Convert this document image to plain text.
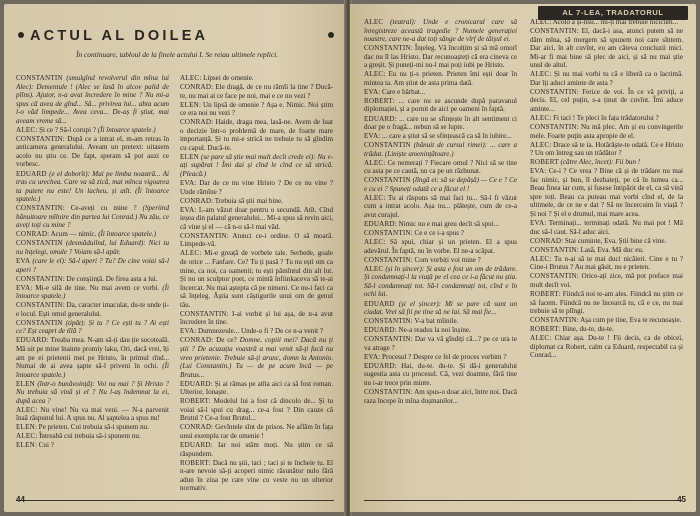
ACTUL AL DOILEA
În continuare, tabloul de la finele actului I. Se reiau ultimele replici.

CONSTANTIN (smulgînd revolverul din mîna lui Alec): Dementule ! (Alec se lasă în alcov palid de plîns). Ajutor, n-a avut încredere în mine ? Nu mi-a spus că avea de gînd... Să... privirea lui... abia acum l-o văd limpede... Avea ceva... De-aș fi știut, mai aveam vreme să...

ALEC: Și ce ? Să-l corupi ? (Îi întoarce spatele.)

CONSTANTIN: După ce a intrat el, m-am retras în anticamera generalului. Aveam un pretext: uitasem acolo nu știu ce. De fapt, speram să pot auzi ce vorbesc.

EDUARD (e el doborît): Mai pe limba noastră... Ai tras cu urechea. Care va să zică, mai mînca vigoarea ta putere nu este! Un lacheu, și atît. (Îi întoarce spatele.)

CONSTANTIN: Ce-aveți cu mine ? (Speriind bănuitoare mîlnire din partea lui Conrad.) Nu zău, ce aveți toți cu mine ?

CONRAD: Acum — nimic. (Îi întoarce spatele.)

CONSTANTIN (desmăduiînd, lui Eduard): Nici tu nu înțelegi, omule ? Voiam să-l apăr.

EVA (care le el): Să-l aperi ? Tu? De cine voiai să-l aperi ?

CONSTANTIN: De conșiință. De firea asta a lui.

EVA: Mi-e silă de tine. Nu mai avem ce vorbi. (Îi întoarce spatele.)

CONSTANTIN: Da, caracter imaculat, du-te unde ți-e locul. Ești omul generalului.

CONSTANTIN (tipăt): Și tu ? Ce ești tu ? Ai ești ce? Eșt ceaprt de tîlă ?

EDUARD: Treaba mea. N-am să-ți dau ție socoteală. Mă uit pe mine înainte promiy laku, Ori, dacă vrei, îți am pe ei prietenii mei pe Hristo, în primul rînd... Numai de ai avea șapte să-l priveni în ochi. (Îi întoarce spatele.)

ELEN (într-o bunăvoință): Voi nu mai ? Și Hristo ? Nu trebuia să vină și el ? Nu l-aș îndemnat la ei, după acea ?

ALEC: Nu vine! Nu va mai veni. — N-a parvenit înaă răspunul lui. A spus nu. Al șaptelea a spus nu!

ELEN: Pe prieten. Cui trebuia să-i spunem nu.

ALEC: Întreabă cui trebuia să-i spunem nu.

ELEN: Cui ?

ALEC: Lipsei de omenie.

CONRAD: Ele dragă, de ce nu rămîi la tine ? Ducă-te, nu mai ai ce face pe noi, mai e ce nu vezi ?

ELEN: Un lipsă de omenie ? Așa e. Nimic. Noi știm ce era noi nu vezi ?

CONRAD: Haide, draga mea, lasă-ne. Avem de luat o decizie într-o problemă de mare, de foarte mare importanță. Și tu mi-e strică ne trebuie tu să gîndim cu capul. Ducă-te.

ELEN (se pare să știe mai mult decît crede ei): Nu v-ați supărat ! Îmi dai și cînd le cînd ce să strică. (Pleacă.)

EVA: Dar de ce nu vine Hristo ? De ce nu vine ? Unde rămîne ?

CONRAD: Trebuia să știi mai bine.

EVA: L-am văzut doar pentru o secundă. Atît. Cînd ieșea din palatul generalului... Mi-a spus să revin aici, că vine și el — că n-o să-l mai văd.

CONSTANTIN: Atunci ce-i ordine. O să moară. Limpede-vă.

ALEC: Mi-e greață de vorbele tale. Serbede, goale de orice ... Fanfare. Ce? Tu ți pasă ? Tu nu ești om ca mine, ca noi, ca oamenii; tu ești pămîntul din alt lut. Și nu un sculptor poet, ce mintă înfiinkaceva să te-ai încercat. Nu mai aștepta că pe nimeni. Ce nu-i faci ca să înțeleg. Ăștia sunt câștigurile unui om de genul tău.

CONSTANTIN: I-ai vorbit și lui așa, de n-a avut încredere în tine.

EVA: Dumnezeule... Unde-o fi ? De ce n-a venit ?

CONRAD: De ce? Domne, copiii mei? Dacă nu ți știi ? De acuzația voastră a mai venit să-ți facă nu vreo prietenie. Trebuie să-ți arunc, domn la Antonio. (Lui Constantin.) Tu — de pe acum încă — pe Brutus...

EDUARD: Și ai rămas pe atîta aici ca să fost roman. Ulterior, Ionaște.

ROBERT: Modelul lui a fost că dincolo de... Și tu voiai să-l spui cu drag... ce-a fost ? Din cauze că Brutul ? Ce-a fost Brutul...

CONRAD: Gevîntele sînt de prisos. Ne aflăm în fața unui exemplu rar de omenie !

EDUARD: Iar noi stăm moți. Nu știm ce să răspundem.

ROBERT: Dacă nu știi, taci ; taci și te încheie tu. El n-are nevoie să-ți acoperi nimic răsunător nulo fără adun în ziua pe care vine cu veste nu un ulterior normativ.

44
AL 7-LEA, TRADATORUL

ALEC (teatral): Unde e cronicarul care să înregistreze această tragedie ? Numele generației noastre, care ne-a dat toți sânge de vîrf de tăișul ei.

CONSTANTIN: Înțeleg. Vă încolțim și să mă omorî dac nu îl las Hristo. Dar recunoașteți că era cineva ce a greșit. Și puneți-mi nu-l mai poți iubi pe Hristo.

ALEC: Eu nu ți-s prieten. Prieten îmi ești doar în mintea ta. Am știut de asta prima dată.

EVA: Care e bărbat...

ROBERT: ... care nu se ascunde după paravanul diplomației, și a pornit de aici pe oameni în faptă.

EDUARD: ... care nu se sfințește în alt sentiment ci doar pe o fragă... nebun să se lupte.

EVA: ... care a știut să se sfințească ca să în iubire...

CONSTANTIN (bănuit de cursul rimei): ... care a trădat. (Liniște amenințătoare.)

ALEC: Ce nemerați ? Fiecare omul ? Nici să se tine cu asta pe ce caută, nu ca pe un răzbunat.

CONSTANTIN (lîngă ei: să se depășă) — Ce e ? Ce e cu ei ? Spuneți odată ce a făcut el !

ALEC: Tu ai răspuns să mai faci tu... Să-l fi văzut cum a intrat acolo. Așa nu... plătește, cum de ce-a avut curajul.

EDUARD: Nimic nu e mai greu decît să spui...

CONSTANTIN: Ce e ce i-a spus ?

ALEC: Să spui, chiar și un prieten. El a spus adevărul. În faptă, nu în vorbe. El ne-a scăpat.

CONSTANTIN: Com vorbiți voi mine ?

ALEC (și în șincer): Și asta e fost un om de trădare. Și condamnați-l la viață pe el cea ce i-a făcut nu știa. Să-l condamnați tot. Să-l condamnați tot, cînd e în ochi lui.

EDUARD (și el șincer): Mi se pare că sunt un ciudat. Vrei să fii pe tine să ne lai. Să mai fie...

CONSTANTIN: V-a bat mîinile.

EDUARD: Ne-a readus la noi înșine.

CONSTANTIN: Dar va vă gîndiți că...? pe ce ura te va atrage ?

EVA: Procesul ? Despre ce fel de proces vorbim ?

EDUARD: Hai, du-te. du-te. Și dă-i generalului sugestia asta cu procesul. Că, vezi doamne, fără tine nu i-ar trece prin minte.

CONSTANTIN: Am spus-o doar aici, între noi. Dacă raza începe în mîna dușmanilor...

ALEC: Acolo a și-nsu... nu-ți mai trebuie nicicum...

CONSTANTIN: El, dacă-i asa, atunci putem să ne dăm mîna, să mergem să spunem noi care sîntem. Dar aici, în alt cuvînt, eu am câteva concluzii mici. Mi-ar fi mai bine să plec de aici, și să nu mai știe unul de altul.

ALEC: Și nu mai vorbi tu că e liberă ca o lacrimă. Dar îți aduci aminte de asta ?

CONSTANTIN: Ferice de voi. În ce vă priviți, a decis. El, cel puțin, s-a ținut de cuvînt. Îmi aduce aminte...

ALEC: Fi taci ! Te pleci în fața trădatorului ?

CONSTANTIN: Nu mă plec. Am și eu convingerile mele. Foarte puțin asta apropie de el.

ALEC: Drace să te ia. Hotărăște-te odată. Ce e Hristo ? Un om întreg sau un trădător ?

ROBERT (către Alec, încet): Fii bun !

EVA: Ce-i ? Ce vrea ? Bine că și de trădare nu mai fac nimic, și bun, îl dezbateți, pe că în lumea ca... Beau finea iar cum, și fusese întipărit de el, ca să vină spre toți. Beau ca puteau mai vorbi cînd el, de la ultimele, de ce ne e dat ? Să ne încercuim în viață ? Și noi ? Și el e drumul, mai mare acea.

EVA: Terminați... terminați odată. Nu mai pot ! Mă duc să-l caut. Să-l aduc aici.

CONRAD: Stai cuminte, Eva. Știi bine că vine.

CONSTANTIN: Lasă, Eva. Mă duc eu.

ALEC: Tu n-ai să te mai duci nicăieri. Cine e tu ? Cine-i Brutus ? Au mai găsit, nu e prieten.

CONSTANTIN: Orice-ați zice, mă pot preface mai mult decît voi.

ROBERT: Fiindcă noi te-am ales. Fiindcă nu știm ce să facem. Fiindcă nu ne încearcă tu, că e ce, nu mai trebuie să te plîngi.

CONSTANTIN: Așa cum pe tine, Eva te recunoaște.

ROBERT: Bine, du-te, du-te.

ALEC: Chiar așa. Du-te ! Fii decis, ca de obicei, diplomat ca Robert, calm ca Eduard, respectabil ca și Conrad...

45
